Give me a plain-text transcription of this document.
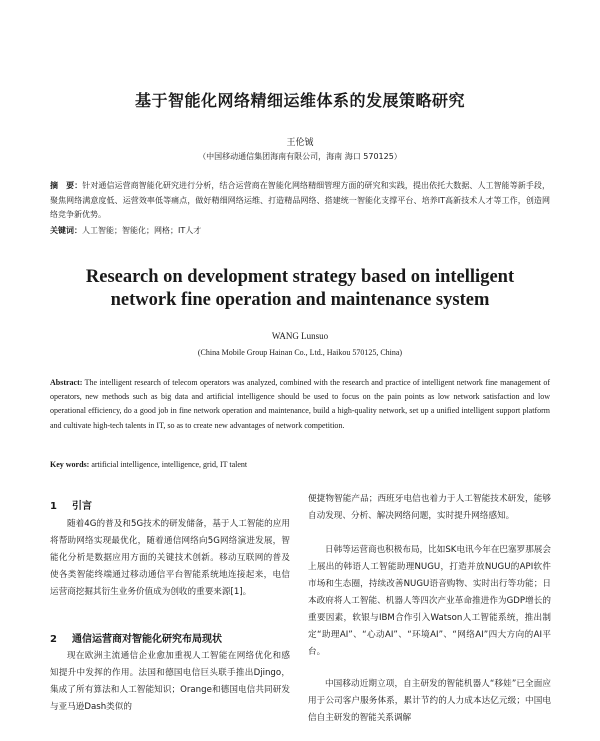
基于智能化网络精细运维体系的发展策略研究
王伦铖
（中国移动通信集团海南有限公司，海南 海口 570125）
摘　要：针对通信运营商智能化研究进行分析，结合运营商在智能化网络精细管理方面的研究和实践，提出依托大数据、人工智能等新手段，聚焦网络满意度低、运营效率低等痛点，做好精细网络运维、打造精品网络、搭建统一智能化支撑平台、培养IT高新技术人才等工作，创造网络竞争新优势。
关键词：人工智能；智能化；网格；IT人才
Research on development strategy based on intelligent
network fine operation and maintenance system
WANG Lunsuo
(China Mobile Group Hainan Co., Ltd., Haikou 570125, China)
Abstract: The intelligent research of telecom operators was analyzed, combined with the research and practice of intelligent network fine management of operators, new methods such as big data and artificial intelligence should be used to focus on the pain points as low network satisfaction and low operational efficiency, do a good job in fine network operation and maintenance, build a high-quality network, set up a unified intelligent support platform and cultivate high-tech talents in IT, so as to create new advantages of network competition.
Key words: artificial intelligence, intelligence, grid, IT talent
1 引言
随着4G的普及和5G技术的研发储备，基于人工智能的应用将帮助网络实现最优化，随着通信网络向5G网络演进发展，智能化分析是数据应用方面的关键技术创新。移动互联网的普及使各类智能终端通过移动通信平台智能系统地连接起来，电信运营商挖掘其衍生业务价值成为创收的重要来源[1]。
2 通信运营商对智能化研究布局现状
现在欧洲主流通信企业愈加重视人工智能在网络优化和感知提升中发挥的作用。法国和德国电信巨头联手推出Djingo，集成了所有算法和人工智能知识；Orange和德国电信共同研发与亚马逊Dash类似的
便捷物智能产品；西班牙电信也着力于人工智能技术研发，能够自动发现、分析、解决网络问题，实时提升网络感知。
日韩等运营商也积极布局，比如SK电讯今年在巴塞罗那展会上展出的韩语人工智能助理NUGU，打造并放NUGU的API软件市场和生态圈，持续改善NUGU语音购物、实时出行等功能；日本政府将人工智能、机器人等四次产业革命推进作为GDP增长的重要因素，软银与IBM合作引入Watson人工智能系统，推出制定“助理AI”、“心动AI”、“环境AI”、“网络AI”四大方向的AI平台。
中国移动近期立项，自主研发的智能机器人“移娃”已全面应用于公司客户服务体系，累计节约的人力成本达亿元级；中国电信自主研发的智能关系调解
